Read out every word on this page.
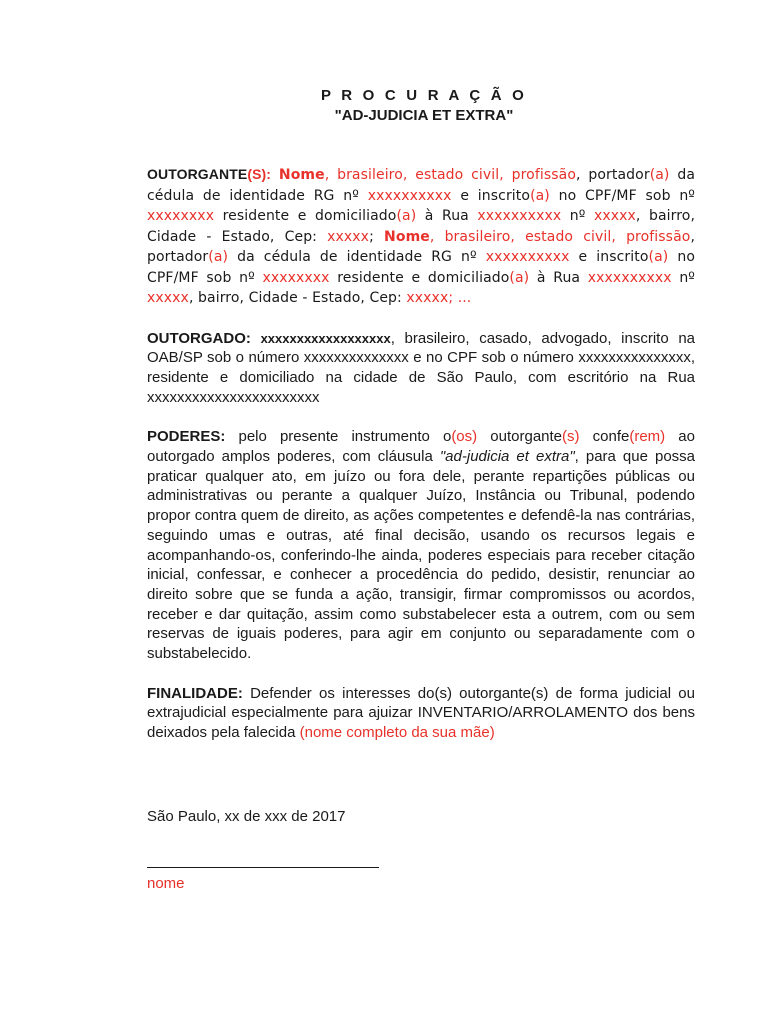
P R O C U R A Ç Ã O
"AD-JUDICIA ET EXTRA"

OUTORGANTE(S): Nome, brasileiro, estado civil, profissão, portador(a) da cédula de identidade RG nº xxxxxxxxxx e inscrito(a) no CPF/MF sob nº xxxxxxxx residente e domiciliado(a) à Rua xxxxxxxxxx nº xxxxx, bairro, Cidade - Estado, Cep: xxxxx; Nome, brasileiro, estado civil, profissão, portador(a) da cédula de identidade RG nº xxxxxxxxxx e inscrito(a) no CPF/MF sob nº xxxxxxxx residente e domiciliado(a) à Rua xxxxxxxxxx nº xxxxx, bairro, Cidade - Estado, Cep: xxxxx; ...

OUTORGADO: xxxxxxxxxxxxxxxxxx, brasileiro, casado, advogado, inscrito na OAB/SP sob o número xxxxxxxxxxxxxx e no CPF sob o número xxxxxxxxxxxxxxx, residente e domiciliado na cidade de São Paulo, com escritório na Rua xxxxxxxxxxxxxxxxxxxxxxx

PODERES: pelo presente instrumento o(os) outorgante(s) confe(rem) ao outorgado amplos poderes, com cláusula "ad-judicia et extra", para que possa praticar qualquer ato, em juízo ou fora dele, perante repartições públicas ou administrativas ou perante a qualquer Juízo, Instância ou Tribunal, podendo propor contra quem de direito, as ações competentes e defendê-la nas contrárias, seguindo umas e outras, até final decisão, usando os recursos legais e acompanhando-os, conferindo-lhe ainda, poderes especiais para receber citação inicial, confessar, e conhecer a procedência do pedido, desistir, renunciar ao direito sobre que se funda a ação, transigir, firmar compromissos ou acordos, receber e dar quitação, assim como substabelecer esta a outrem, com ou sem reservas de iguais poderes, para agir em conjunto ou separadamente com o substabelecido.

FINALIDADE: Defender os interesses do(s) outorgante(s) de forma judicial ou extrajudicial especialmente para ajuizar INVENTARIO/ARROLAMENTO dos bens deixados pela falecida (nome completo da sua mãe)

São Paulo, xx de xxx de 2017
nome
